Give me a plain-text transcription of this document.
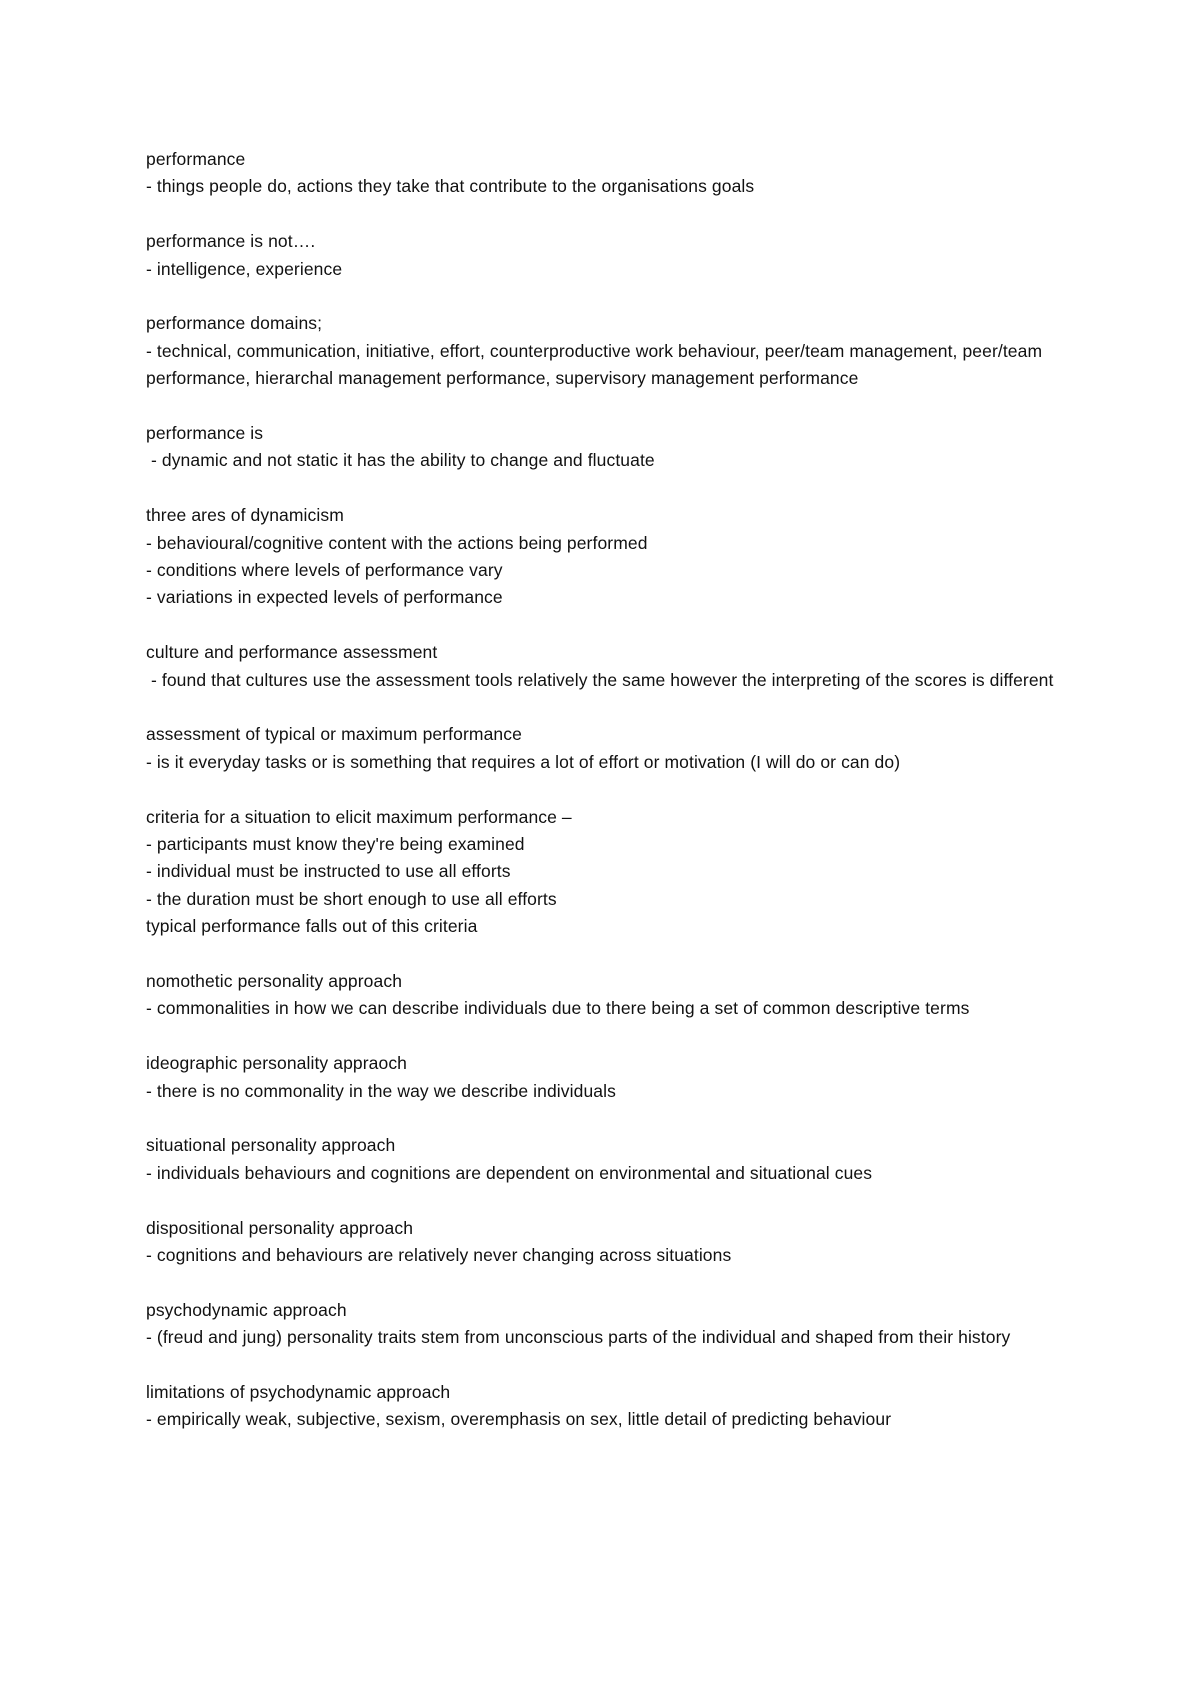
performance
- things people do, actions they take that contribute to the organisations goals
performance is not….
- intelligence, experience
performance domains;
- technical, communication, initiative, effort, counterproductive work behaviour, peer/team management, peer/team performance, hierarchal management performance, supervisory management performance
performance is
- dynamic and not static it has the ability to change and fluctuate
three ares of dynamicism
- behavioural/cognitive content with the actions being performed
- conditions where levels of performance vary
- variations in expected levels of performance
culture and performance assessment
- found that cultures use the assessment tools relatively the same however the interpreting of the scores is different
assessment of typical or maximum performance
- is it everyday tasks or is something that requires a lot of effort or motivation (I will do or can do)
criteria for a situation to elicit maximum performance –
- participants must know they're being examined
- individual must be instructed to use all efforts
- the duration must be short enough to use all efforts
typical performance falls out of this criteria
nomothetic personality approach
- commonalities in how we can describe individuals due to there being a set of common descriptive terms
ideographic personality appraoch
- there is no commonality in the way we describe individuals
situational personality approach
- individuals behaviours and cognitions are dependent on environmental and situational cues
dispositional personality approach
- cognitions and behaviours are relatively never changing across situations
psychodynamic approach
- (freud and jung) personality traits stem from unconscious parts of the individual and shaped from their history
limitations of psychodynamic approach
- empirically weak, subjective, sexism, overemphasis on sex, little detail of predicting behaviour
